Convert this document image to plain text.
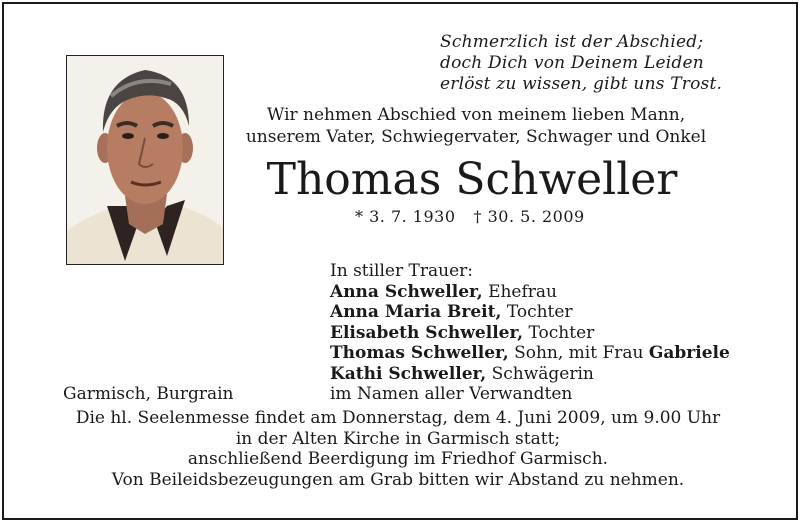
Schmerzlich ist der Abschied;
doch Dich von Deinem Leiden
erlöst zu wissen, gibt uns Trost.
Wir nehmen Abschied von meinem lieben Mann,
unserem Vater, Schwiegervater, Schwager und Onkel
Thomas Schweller
* 3. 7. 1930 † 30. 5. 2009
In stiller Trauer:
Anna Schweller, Ehefrau
Anna Maria Breit, Tochter
Elisabeth Schweller, Tochter
Thomas Schweller, Sohn, mit Frau Gabriele
Kathi Schweller, Schwägerin
im Namen aller Verwandten
Garmisch, Burgrain
Die hl. Seelenmesse findet am Donnerstag, dem 4. Juni 2009, um 9.00 Uhr
in der Alten Kirche in Garmisch statt;
anschließend Beerdigung im Friedhof Garmisch.
Von Beileidsbezeugungen am Grab bitten wir Abstand zu nehmen.
